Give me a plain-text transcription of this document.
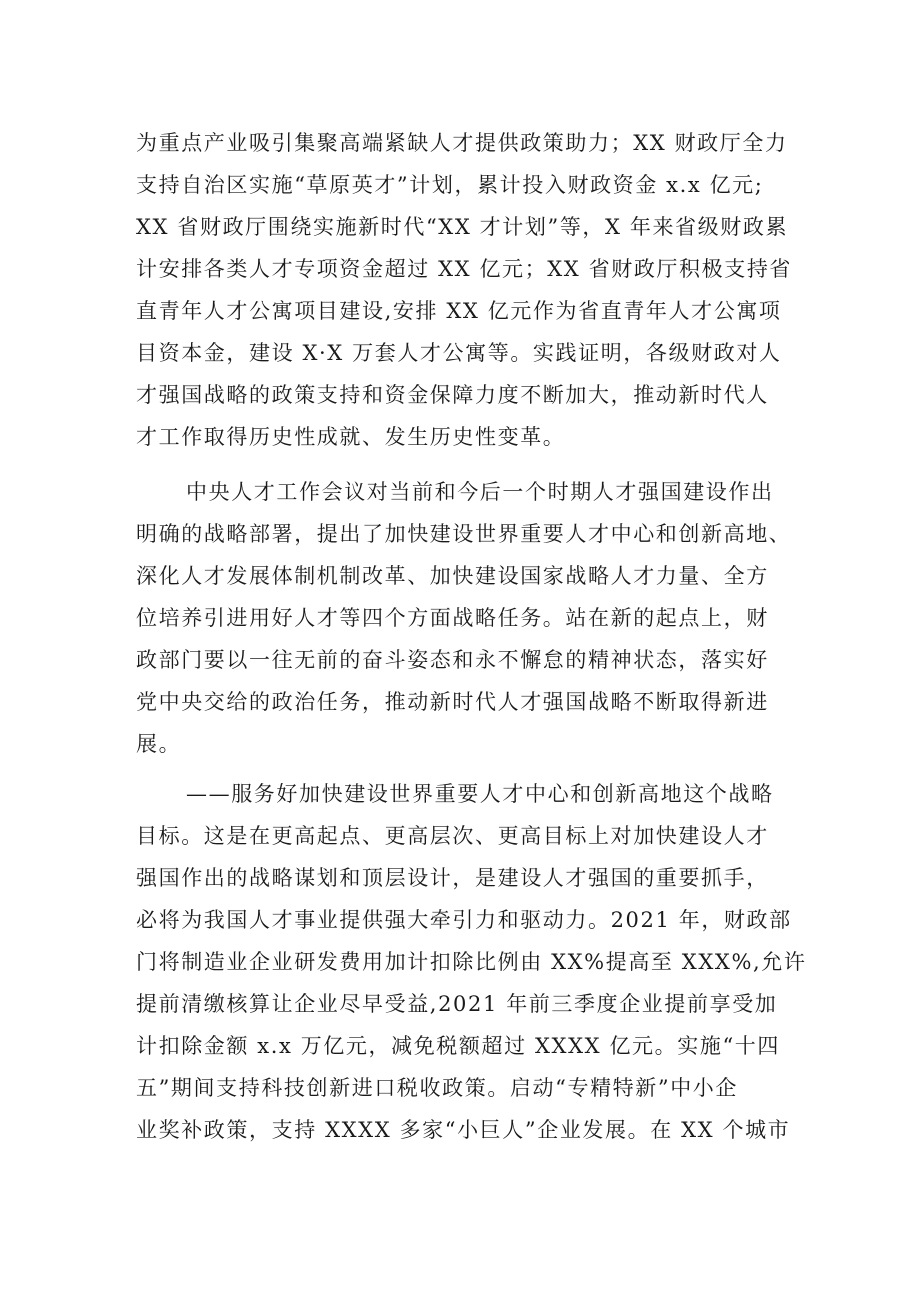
为重点产业吸引集聚高端紧缺人才提供政策助力；XX 财政厅全力
支持自治区实施“草原英才”计划，累计投入财政资金 x.x 亿元;
XX 省财政厅围绕实施新时代“XX 才计划”等，X 年来省级财政累
计安排各类人才专项资金超过 XX 亿元；XX 省财政厅积极支持省
直青年人才公寓项目建设,安排 XX 亿元作为省直青年人才公寓项
目资本金，建设 X·X 万套人才公寓等。实践证明，各级财政对人
才强国战略的政策支持和资金保障力度不断加大，推动新时代人
才工作取得历史性成就、发生历史性变革。
中央人才工作会议对当前和今后一个时期人才强国建设作出
明确的战略部署，提出了加快建设世界重要人才中心和创新高地、
深化人才发展体制机制改革、加快建设国家战略人才力量、全方
位培养引进用好人才等四个方面战略任务。站在新的起点上，财
政部门要以一往无前的奋斗姿态和永不懈怠的精神状态，落实好
党中央交给的政治任务，推动新时代人才强国战略不断取得新进
展。
——服务好加快建设世界重要人才中心和创新高地这个战略
目标。这是在更高起点、更高层次、更高目标上对加快建设人才
强国作出的战略谋划和顶层设计，是建设人才强国的重要抓手，
必将为我国人才事业提供强大牵引力和驱动力。2021 年，财政部
门将制造业企业研发费用加计扣除比例由 XX%提高至 XXX%,允许
提前清缴核算让企业尽早受益,2021 年前三季度企业提前享受加
计扣除金额 x.x 万亿元，减免税额超过 XXXX 亿元。实施“十四
五”期间支持科技创新进口税收政策。启动“专精特新”中小企
业奖补政策，支持 XXXX 多家“小巨人”企业发展。在 XX 个城市
